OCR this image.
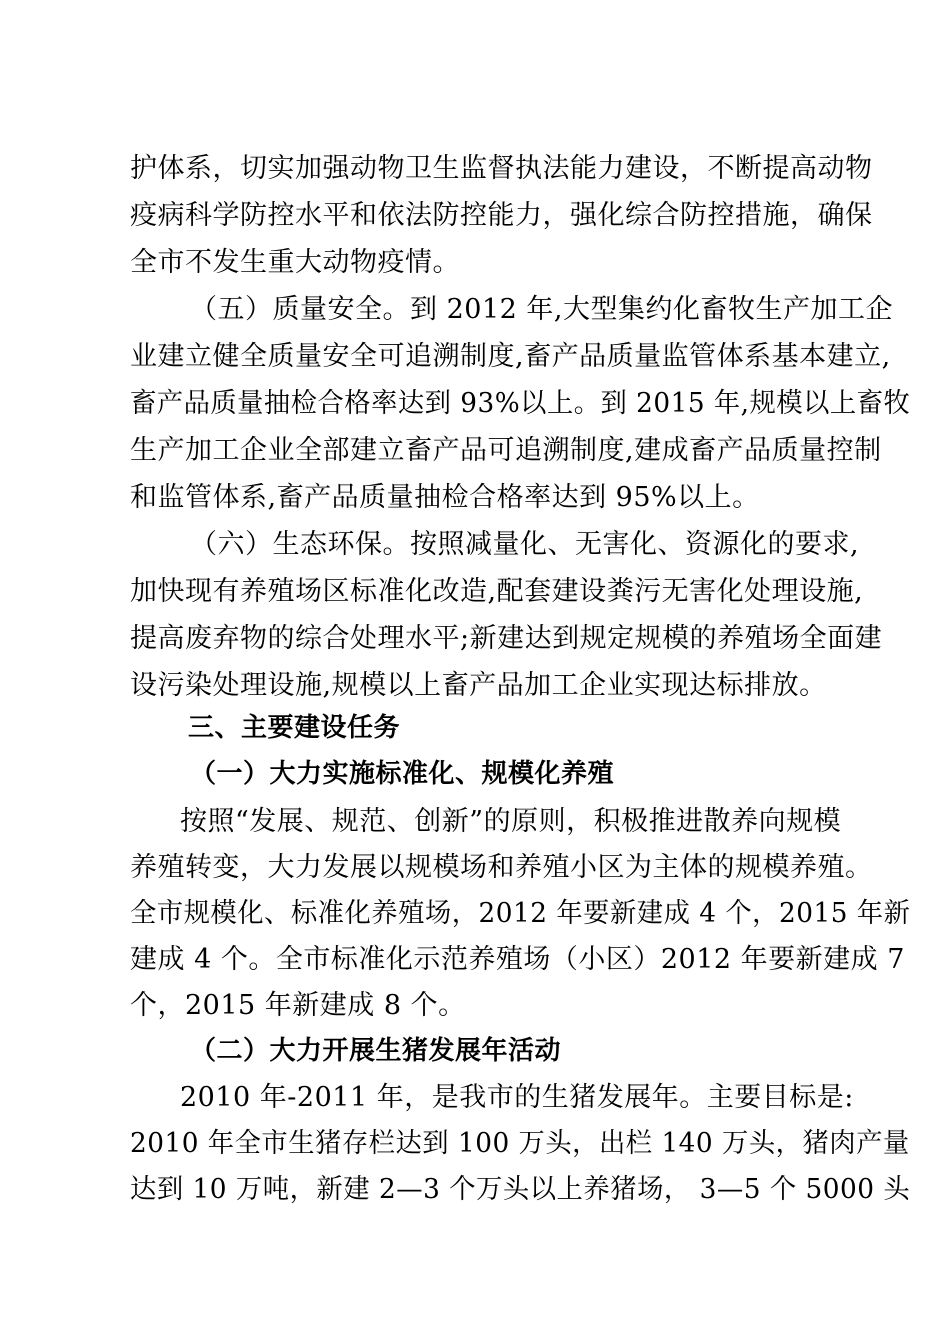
护体系，切实加强动物卫生监督执法能力建设，不断提高动物
疫病科学防控水平和依法防控能力，强化综合防控措施，确保
全市不发生重大动物疫情。
（五）质量安全。到 2012 年,大型集约化畜牧生产加工企
业建立健全质量安全可追溯制度,畜产品质量监管体系基本建立,
畜产品质量抽检合格率达到 93%以上。到 2015 年,规模以上畜牧
生产加工企业全部建立畜产品可追溯制度,建成畜产品质量控制
和监管体系,畜产品质量抽检合格率达到 95%以上。
（六）生态环保。按照减量化、无害化、资源化的要求,
加快现有养殖场区标准化改造,配套建设粪污无害化处理设施,
提高废弃物的综合处理水平;新建达到规定规模的养殖场全面建
设污染处理设施,规模以上畜产品加工企业实现达标排放。
三、主要建设任务
（一）大力实施标准化、规模化养殖
按照“发展、规范、创新”的原则，积极推进散养向规模
养殖转变，大力发展以规模场和养殖小区为主体的规模养殖。
全市规模化、标准化养殖场，2012 年要新建成 4 个，2015 年新
建成 4 个。全市标准化示范养殖场（小区）2012 年要新建成 7
个，2015 年新建成 8 个。
（二）大力开展生猪发展年活动
2010 年-2011 年，是我市的生猪发展年。主要目标是:
2010 年全市生猪存栏达到 100 万头，出栏 140 万头，猪肉产量
达到 10 万吨，新建 2—3 个万头以上养猪场， 3—5 个 5000 头
